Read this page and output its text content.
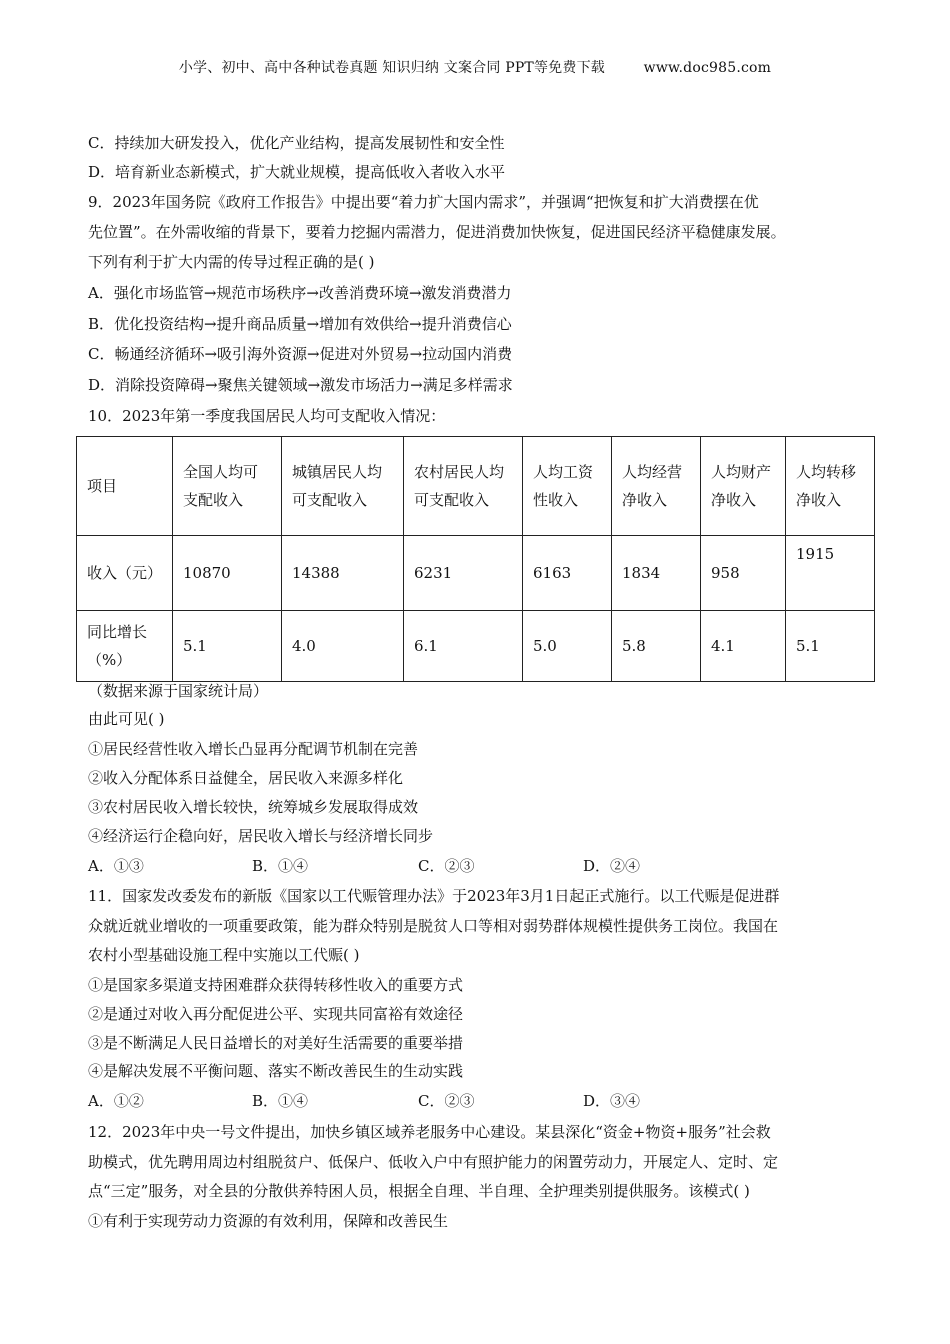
小学、初中、高中各种试卷真题 知识归纳 文案合同 PPT等免费下载	www.doc985.com
C．持续加大研发投入，优化产业结构，提高发展韧性和安全性
D．培育新业态新模式，扩大就业规模，提高低收入者收入水平
9．2023年国务院《政府工作报告》中提出要“着力扩大国内需求”，并强调“把恢复和扩大消费摆在优
先位置”。在外需收缩的背景下，要着力挖掘内需潜力，促进消费加快恢复，促进国民经济平稳健康发展。
下列有利于扩大内需的传导过程正确的是( )
A．强化市场监管→规范市场秩序→改善消费环境→激发消费潜力
B．优化投资结构→提升商品质量→增加有效供给→提升消费信心
C．畅通经济循环→吸引海外资源→促进对外贸易→拉动国内消费
D．消除投资障碍→聚焦关键领域→激发市场活力→满足多样需求
10．2023年第一季度我国居民人均可支配收入情况：
项目	全国人均可支配收入	城镇居民人均可支配收入	农村居民人均可支配收入	人均工资性收入	人均经营净收入	人均财产净收入	人均转移净收入
收入（元）	10870	14388	6231	6163	1834	958	1915
同比增长（%）	5.1	4.0	6.1	5.0	5.8	4.1	5.1
（数据来源于国家统计局）
由此可见( )
①居民经营性收入增长凸显再分配调节机制在完善
②收入分配体系日益健全，居民收入来源多样化
③农村居民收入增长较快，统筹城乡发展取得成效
④经济运行企稳向好，居民收入增长与经济增长同步
A．①③	B．①④	C．②③	D．②④
11．国家发改委发布的新版《国家以工代赈管理办法》于2023年3月1日起正式施行。以工代赈是促进群
众就近就业增收的一项重要政策，能为群众特别是脱贫人口等相对弱势群体规模性提供务工岗位。我国在
农村小型基础设施工程中实施以工代赈( )
①是国家多渠道支持困难群众获得转移性收入的重要方式
②是通过对收入再分配促进公平、实现共同富裕有效途径
③是不断满足人民日益增长的对美好生活需要的重要举措
④是解决发展不平衡问题、落实不断改善民生的生动实践
A．①②	B．①④	C．②③	D．③④
12．2023年中央一号文件提出，加快乡镇区域养老服务中心建设。某县深化“资金+物资+服务”社会救
助模式，优先聘用周边村组脱贫户、低保户、低收入户中有照护能力的闲置劳动力，开展定人、定时、定
点“三定”服务，对全县的分散供养特困人员，根据全自理、半自理、全护理类别提供服务。该模式( )
①有利于实现劳动力资源的有效利用，保障和改善民生
